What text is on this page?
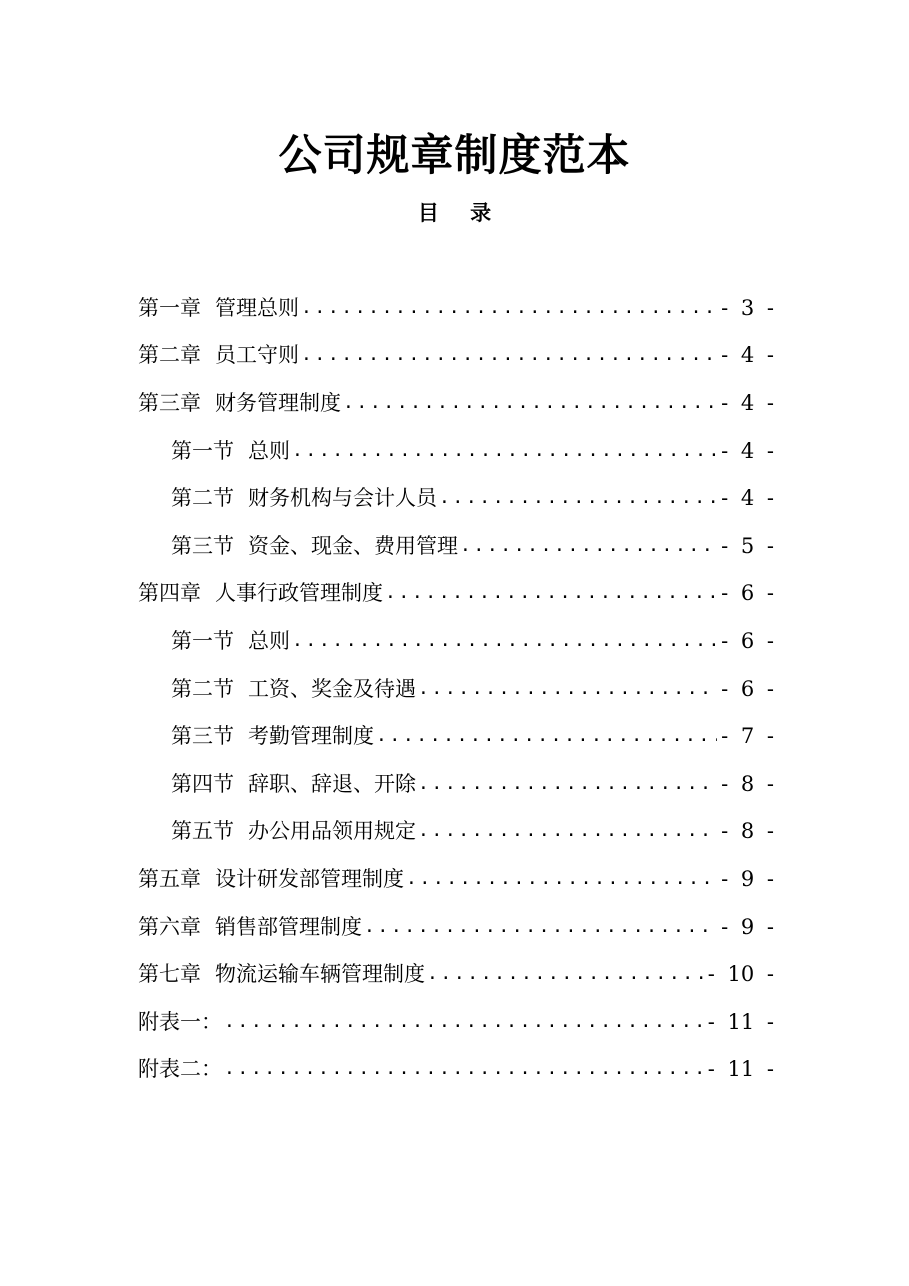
公司规章制度范本
目 录
第一章 管理总则 .....	- 3 -
第二章 员工守则 .....	- 4 -
第三章 财务管理制度 .....	- 4 -
第一节 总则 .....	- 4 -
第二节 财务机构与会计人员 .....	- 4 -
第三节 资金、现金、费用管理 .....	- 5 -
第四章 人事行政管理制度 .....	- 6 -
第一节 总则 .....	- 6 -
第二节 工资、奖金及待遇 .....	- 6 -
第三节 考勤管理制度 .....	- 7 -
第四节 辞职、辞退、开除 .....	- 8 -
第五节 办公用品领用规定 .....	- 8 -
第五章 设计研发部管理制度 .....	- 9 -
第六章 销售部管理制度 .....	- 9 -
第七章 物流运输车辆管理制度 .....	- 10 -
附表一： .....	- 11 -
附表二： .....	- 11 -
